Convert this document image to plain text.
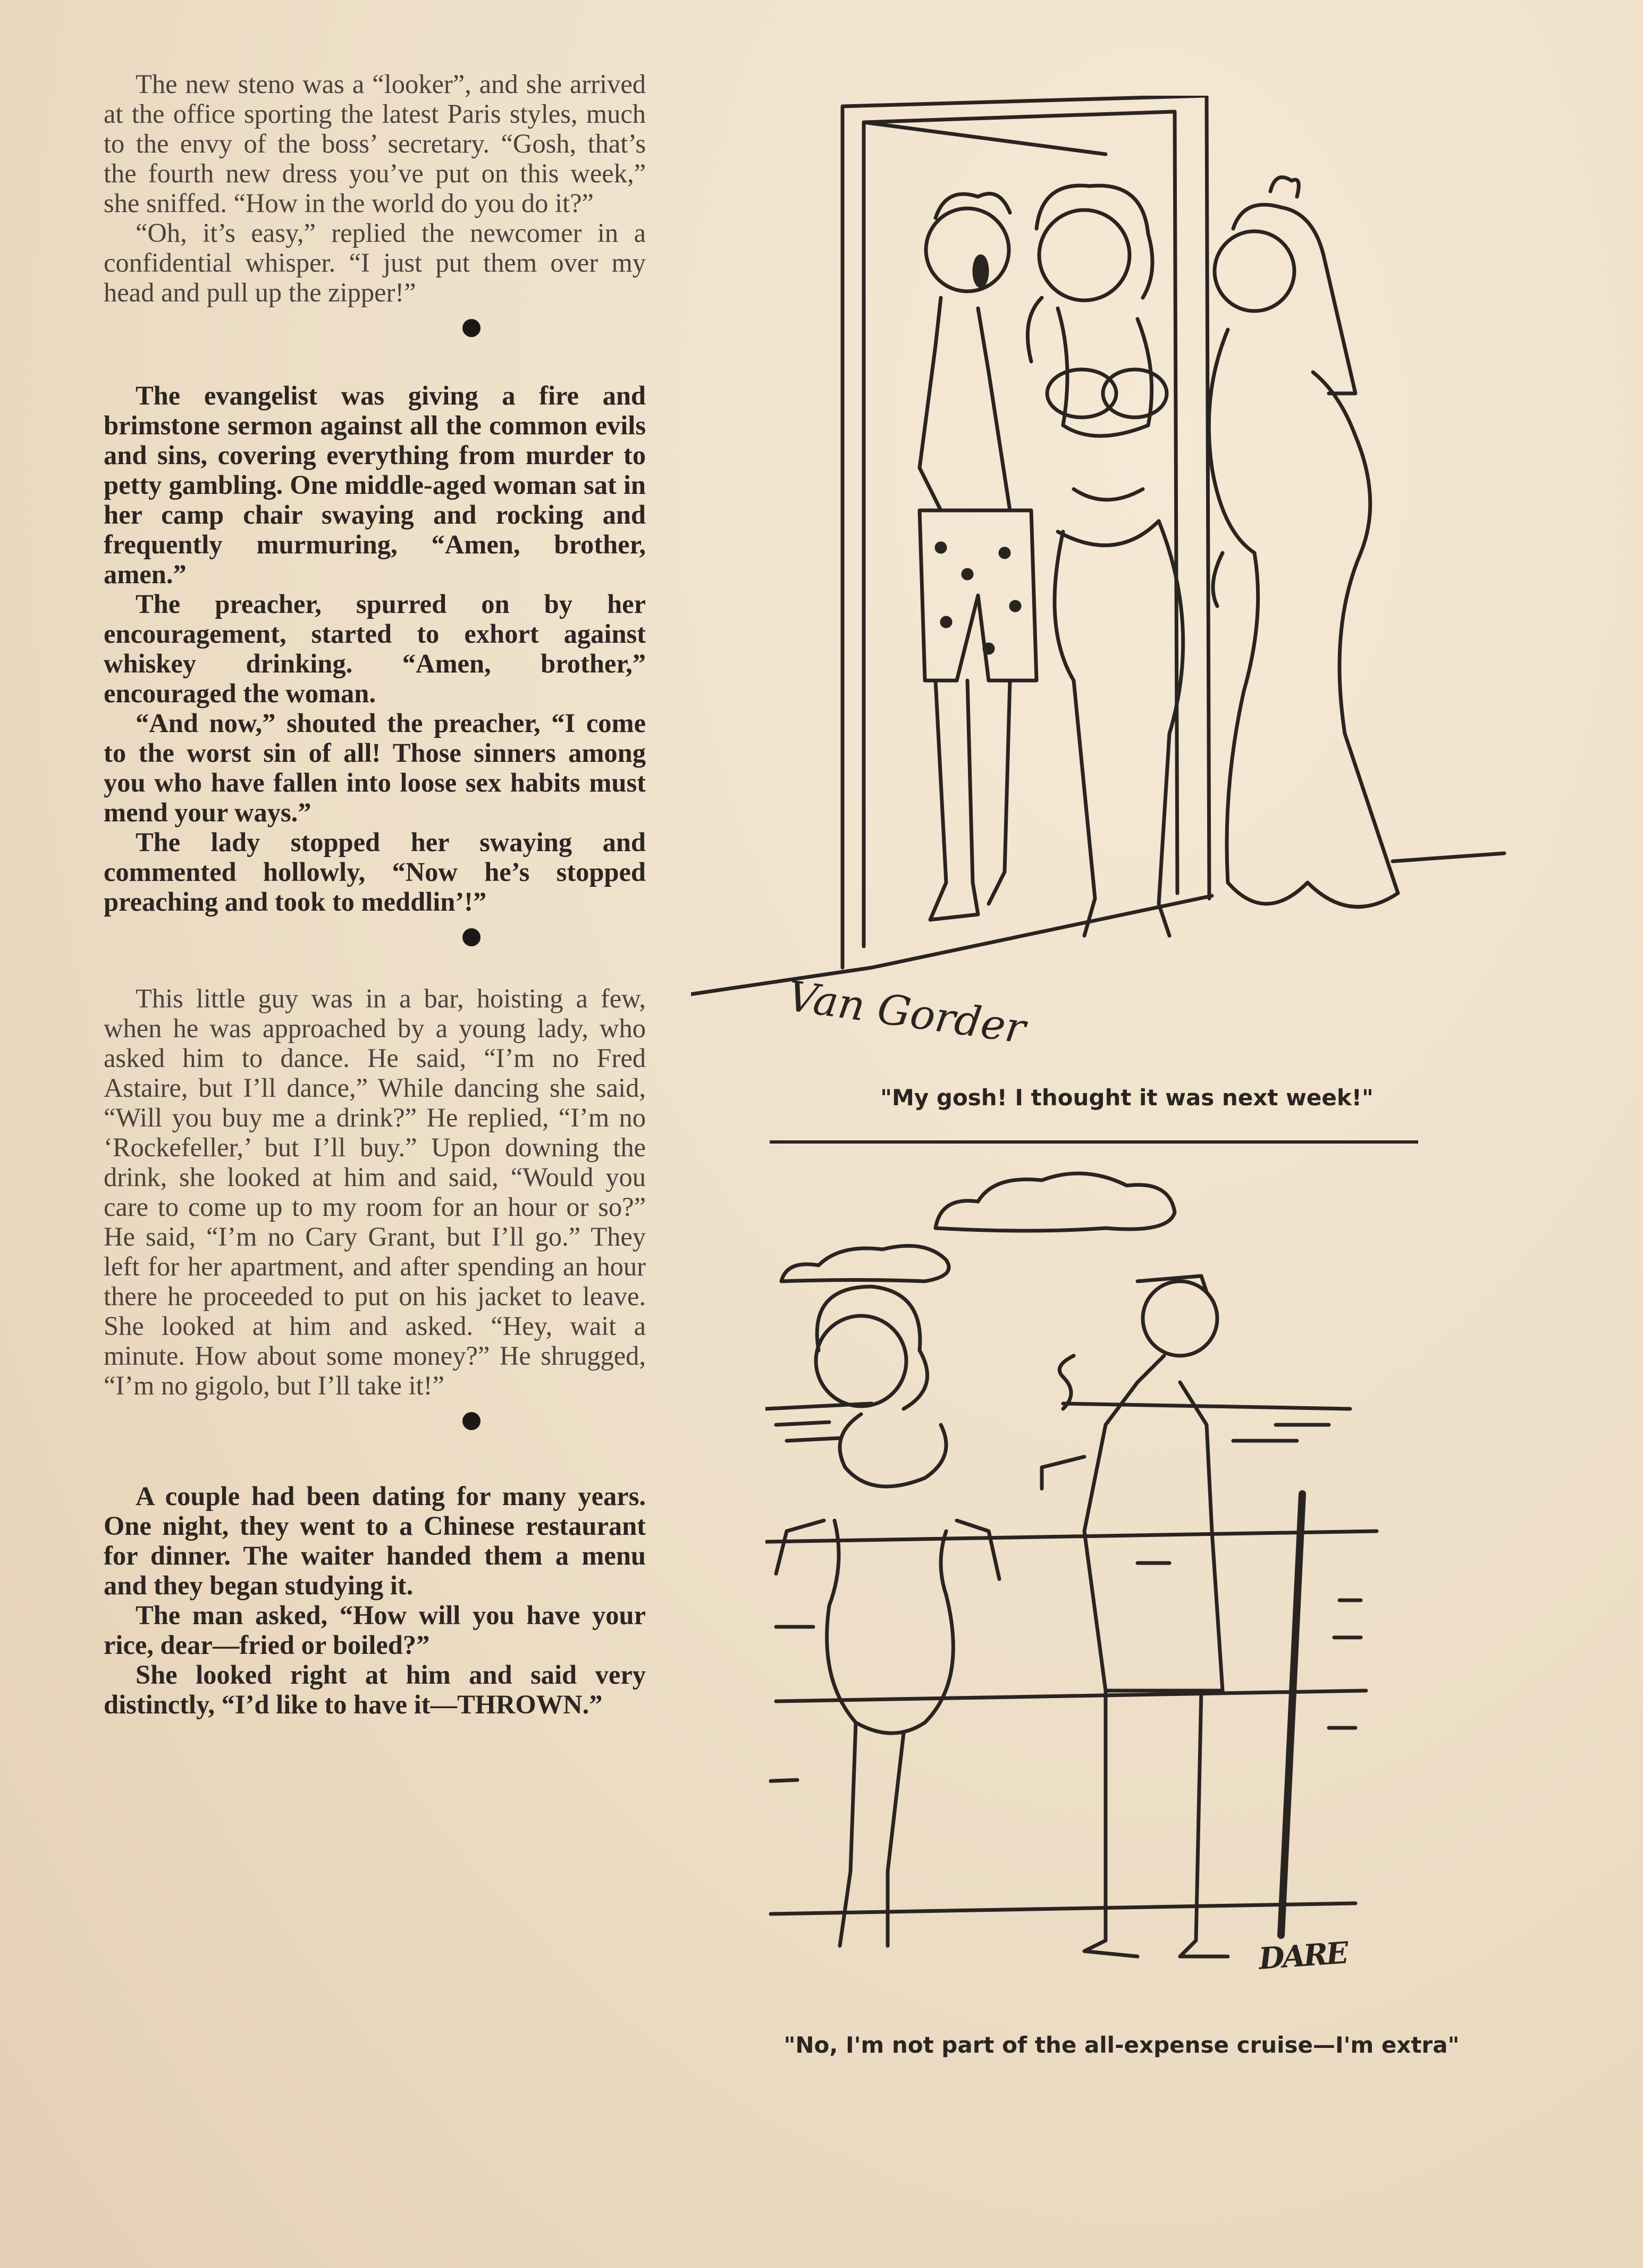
The new steno was a “looker”, and she arrived at the office sporting the latest Paris styles, much to the envy of the boss’ secretary. “Gosh, that’s the fourth new dress you’ve put on this week,” she sniffed. “How in the world do you do it?”

“Oh, it’s easy,” replied the newcomer in a confidential whisper. “I just put them over my head and pull up the zipper!”

The evangelist was giving a fire and brimstone sermon against all the common evils and sins, covering everything from murder to petty gambling. One middle-aged woman sat in her camp chair swaying and rocking and frequently murmuring, “Amen, brother, amen.”

The preacher, spurred on by her encouragement, started to exhort against whiskey drinking. “Amen, brother,” encouraged the woman.

“And now,” shouted the preacher, “I come to the worst sin of all! Those sinners among you who have fallen into loose sex habits must mend your ways.”

The lady stopped her swaying and commented hollowly, “Now he’s stopped preaching and took to meddlin’!”

This little guy was in a bar, hoisting a few, when he was approached by a young lady, who asked him to dance. He said, “I’m no Fred Astaire, but I’ll dance,” While dancing she said, “Will you buy me a drink?” He replied, “I’m no ‘Rockefeller,’ but I’ll buy.” Upon downing the drink, she looked at him and said, “Would you care to come up to my room for an hour or so?” He said, “I’m no Cary Grant, but I’ll go.” They left for her apartment, and after spending an hour there he proceeded to put on his jacket to leave. She looked at him and asked. “Hey, wait a minute. How about some money?” He shrugged, “I’m no gigolo, but I’ll take it!”

A couple had been dating for many years. One night, they went to a Chinese restaurant for dinner. The waiter handed them a menu and they began studying it.

The man asked, “How will you have your rice, dear—fried or boiled?”

She looked right at him and said very distinctly, “I’d like to have it—THROWN.”

Van Gorder
"My gosh! I thought it was next week!"
DARE
"No, I'm not part of the all-expense cruise—I'm extra"
